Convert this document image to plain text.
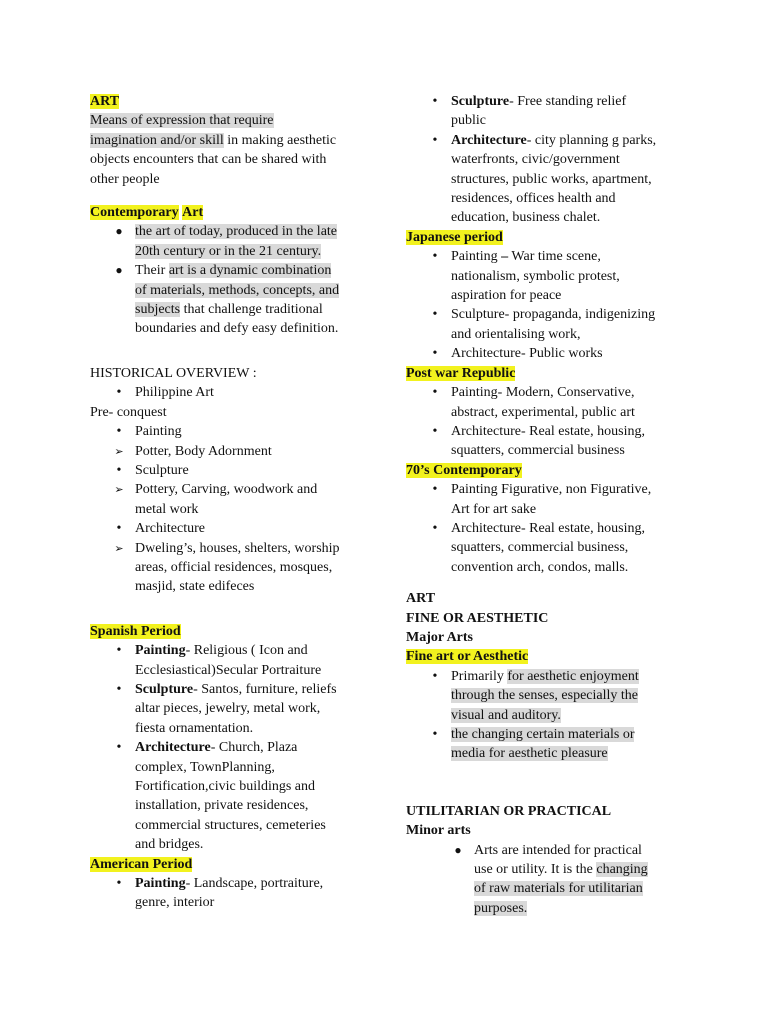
ART
Means of expression that require
imagination and/or skill in making aesthetic
objects encounters that can be shared with
other people
Contemporary Art
● the art of today, produced in the late
20th century or in the 21 century.
● Their art is a dynamic combination
of materials, methods, concepts, and
subjects that challenge traditional
boundaries and defy easy definition.
HISTORICAL OVERVIEW :
• Philippine Art
Pre- conquest
• Painting
➢ Potter, Body Adornment
• Sculpture
➢ Pottery, Carving, woodwork and
metal work
• Architecture
➢ Dweling’s, houses, shelters, worship
areas, official residences, mosques,
masjid, state edifeces
Spanish Period
• Painting- Religious ( Icon and
Ecclesiastical)Secular Portraiture
• Sculpture- Santos, furniture, reliefs
altar pieces, jewelry, metal work,
fiesta ornamentation.
• Architecture- Church, Plaza
complex, TownPlanning,
Fortification,civic buildings and
installation, private residences,
commercial structures, cemeteries
and bridges.
American Period
• Painting- Landscape, portraiture,
genre, interior
• Sculpture- Free standing relief
public
• Architecture- city planning g parks,
waterfronts, civic/government
structures, public works, apartment,
residences, offices health and
education, business chalet.
Japanese period
• Painting – War time scene,
nationalism, symbolic protest,
aspiration for peace
• Sculpture- propaganda, indigenizing
and orientalising work,
• Architecture- Public works
Post war Republic
• Painting- Modern, Conservative,
abstract, experimental, public art
• Architecture- Real estate, housing,
squatters, commercial business
70’s Contemporary
• Painting Figurative, non Figurative,
Art for art sake
• Architecture- Real estate, housing,
squatters, commercial business,
convention arch, condos, malls.
ART
FINE OR AESTHETIC
Major Arts
Fine art or Aesthetic
• Primarily for aesthetic enjoyment
through the senses, especially the
visual and auditory.
• the changing certain materials or
media for aesthetic pleasure
UTILITARIAN OR PRACTICAL
Minor arts
● Arts are intended for practical
use or utility. It is the changing
of raw materials for utilitarian
purposes.
